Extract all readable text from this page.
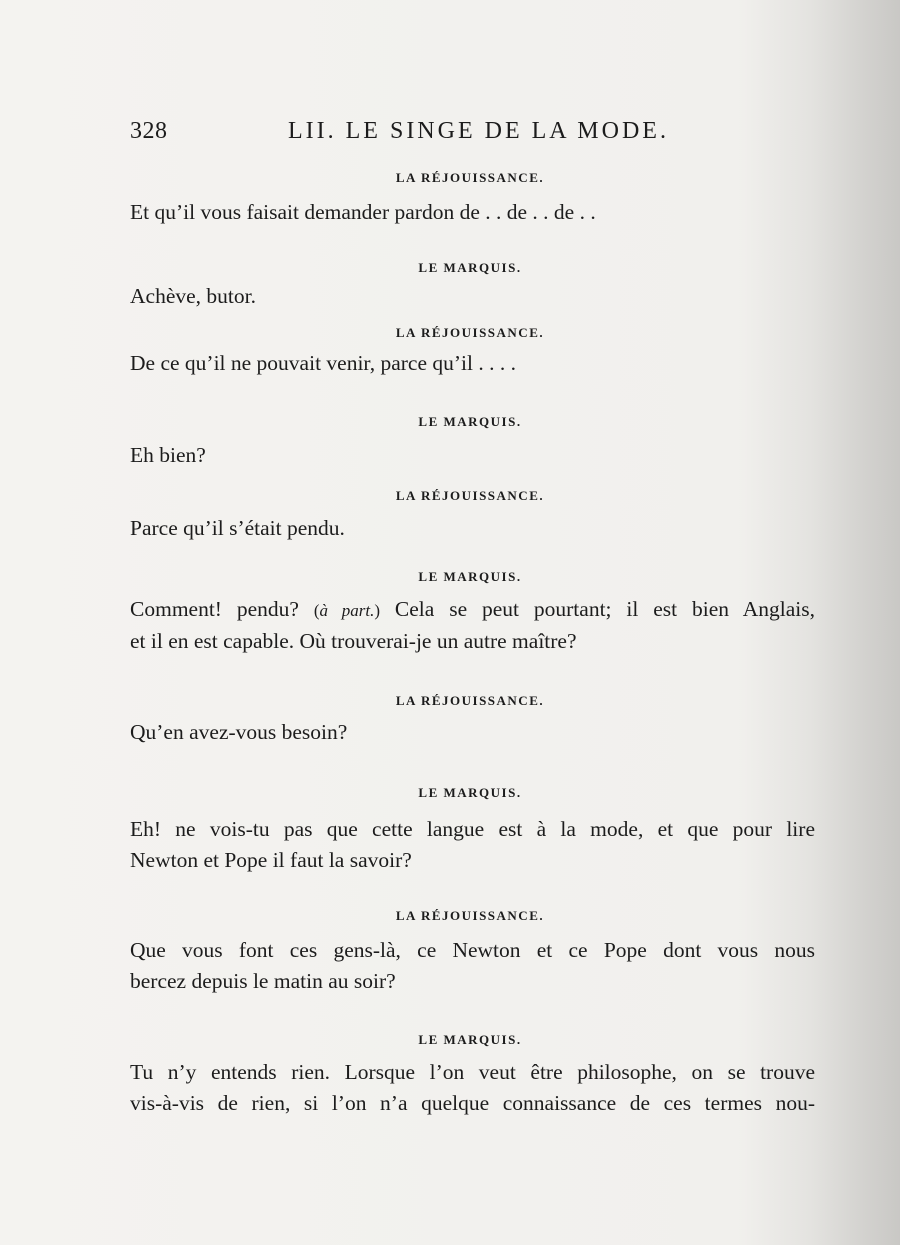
328	LII. LE SINGE DE LA MODE.
LA RÉJOUISSANCE.
Et qu’il vous faisait demander pardon de . . de . . de . .
LE MARQUIS.
Achève, butor.
LA RÉJOUISSANCE.
De ce qu’il ne pouvait venir, parce qu’il . . . .
LE MARQUIS.
Eh bien?
LA RÉJOUISSANCE.
Parce qu’il s’était pendu.
LE MARQUIS.
Comment! pendu? (à part.) Cela se peut pourtant; il est bien Anglais,
et il en est capable. Où trouverai-je un autre maître?
LA RÉJOUISSANCE.
Qu’en avez-vous besoin?
LE MARQUIS.
Eh! ne vois-tu pas que cette langue est à la mode, et que pour lire
Newton et Pope il faut la savoir?
LA RÉJOUISSANCE.
Que vous font ces gens-là, ce Newton et ce Pope dont vous nous
bercez depuis le matin au soir?
LE MARQUIS.
Tu n’y entends rien. Lorsque l’on veut être philosophe, on se trouve
vis-à-vis de rien, si l’on n’a quelque connaissance de ces termes nou-
